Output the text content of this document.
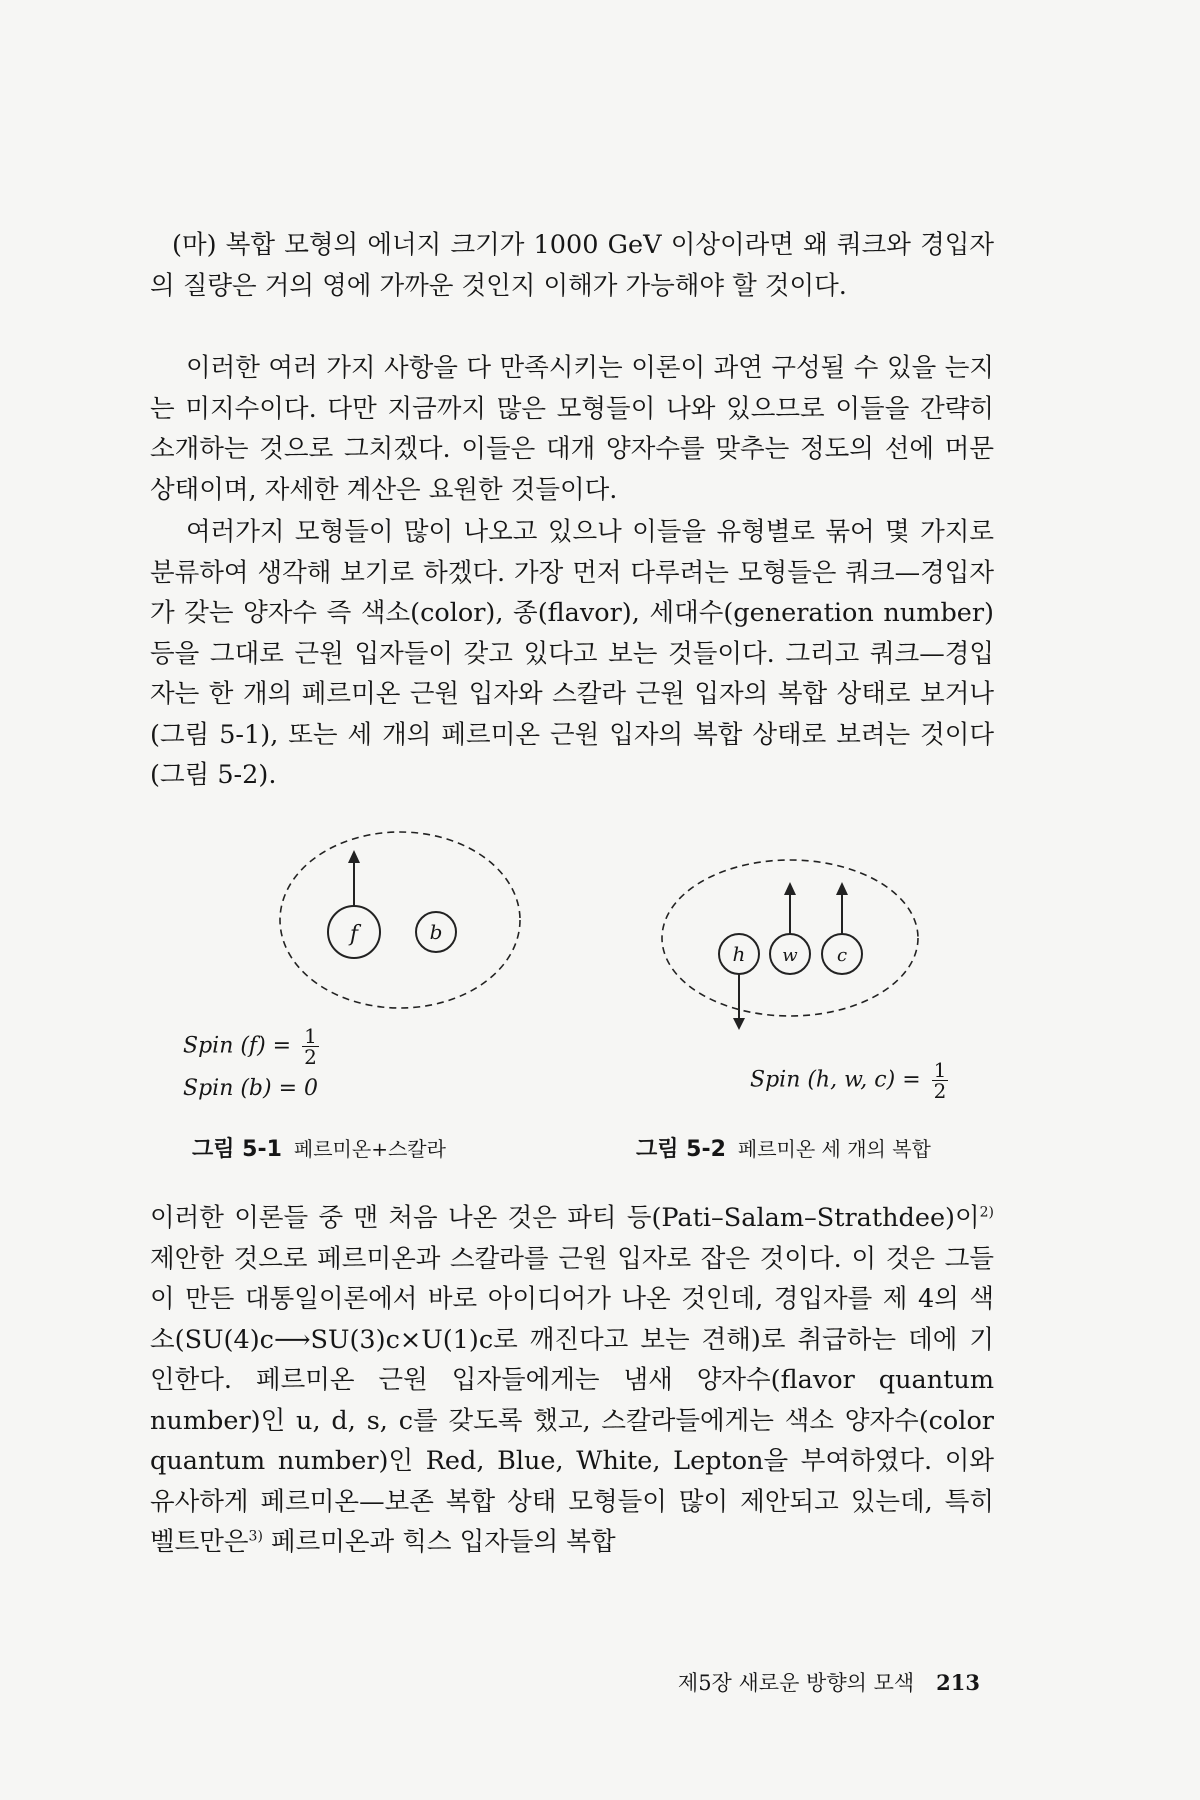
(마) 복합 모형의 에너지 크기가 1000 GeV 이상이라면 왜 쿼크와 경입자의 질량은 거의 영에 가까운 것인지 이해가 가능해야 할 것이다.

이러한 여러 가지 사항을 다 만족시키는 이론이 과연 구성될 수 있을 는지는 미지수이다. 다만 지금까지 많은 모형들이 나와 있으므로 이들을 간략히 소개하는 것으로 그치겠다. 이들은 대개 양자수를 맞추는 정도의 선에 머문 상태이며, 자세한 계산은 요원한 것들이다.

여러가지 모형들이 많이 나오고 있으나 이들을 유형별로 묶어 몇 가지로 분류하여 생각해 보기로 하겠다. 가장 먼저 다루려는 모형들은 쿼크—경입자가 갖는 양자수 즉 색소(color), 종(flavor), 세대수(generation number)등을 그대로 근원 입자들이 갖고 있다고 보는 것들이다. 그리고 쿼크—경입자는 한 개의 페르미온 근원 입자와 스칼라 근원 입자의 복합 상태로 보거나(그림 5-1), 또는 세 개의 페르미온 근원 입자의 복합 상태로 보려는 것이다(그림 5-2).

f	b
h w c
Spin $(f) = \frac{1}{2}$
Spin (b) = 0	Spin (h, w, $c) = \frac{1}{2}$
그림 5-1 페르미온+스칼라	그림 5-2 페르미온 세 개의 복합

이러한 이론들 중 맨 처음 나온 것은 파티 등(Pati–Salam–Strathdee)이$^{2)}$ 제안한 것으로 페르미온과 스칼라를 근원 입자로 잡은 것이다. 이 것은 그들이 만든 대통일이론에서 바로 아이디어가 나온 것인데, 경입자를 제 4의 색소(SU(4)c⟶SU(3)c×U(1)c로 깨진다고 보는 견해)로 취급하는 데에 기인한다. 페르미온 근원 입자들에게는 냄새 양자수(flavor quantum number)인 u, d, s, c를 갖도록 했고, 스칼라들에게는 색소 양자수(color quantum number)인 Red, Blue, White, Lepton을 부여하였다. 이와 유사하게 페르미온—보존 복합 상태 모형들이 많이 제안되고 있는데, 특히 벨트만은$^{3)}$ 페르미온과 힉스 입자들의 복합

제5장 새로운 방향의 모색 213
